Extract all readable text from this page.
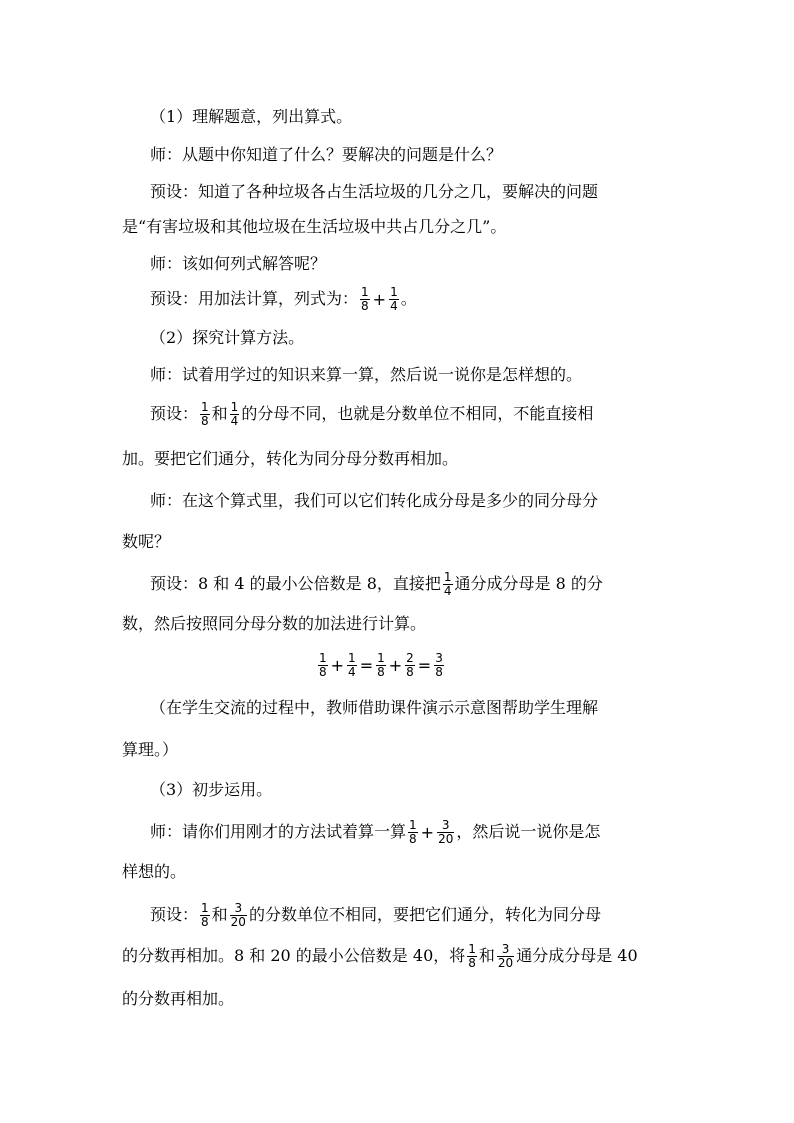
（1）理解题意，列出算式。
师：从题中你知道了什么？要解决的问题是什么？
预设：知道了各种垃圾各占生活垃圾的几分之几，要解决的问题
是“有害垃圾和其他垃圾在生活垃圾中共占几分之几”。
师：该如何列式解答呢？
预设：用加法计算，列式为： $\frac{1}{8} + \frac{1}{4}$ 。
（2）探究计算方法。
师：试着用学过的知识来算一算，然后说一说你是怎样想的。
预设： $\frac{1}{8}$ 和 $\frac{1}{4}$ 的分母不同，也就是分数单位不相同，不能直接相
加。要把它们通分，转化为同分母分数再相加。
师：在这个算式里，我们可以它们转化成分母是多少的同分母分
数呢？
预设：8 和 4 的最小公倍数是 8，直接把 $\frac{1}{4}$ 通分成分母是 8 的分
数，然后按照同分母分数的加法进行计算。
$\frac{1}{8} + \frac{1}{4} = \frac{1}{8} + \frac{2}{8} = \frac{3}{8}$
（在学生交流的过程中，教师借助课件演示示意图帮助学生理解
算理。）
（3）初步运用。
师：请你们用刚才的方法试着算一算 $\frac{1}{8} + \frac{3}{20}$ ，然后说一说你是怎
样想的。
预设： $\frac{1}{8}$ 和 $\frac{3}{20}$ 的分数单位不相同，要把它们通分，转化为同分母
的分数再相加。8 和 20 的最小公倍数是 40，将 $\frac{1}{8}$ 和 $\frac{3}{20}$ 通分成分母是 40
的分数再相加。
